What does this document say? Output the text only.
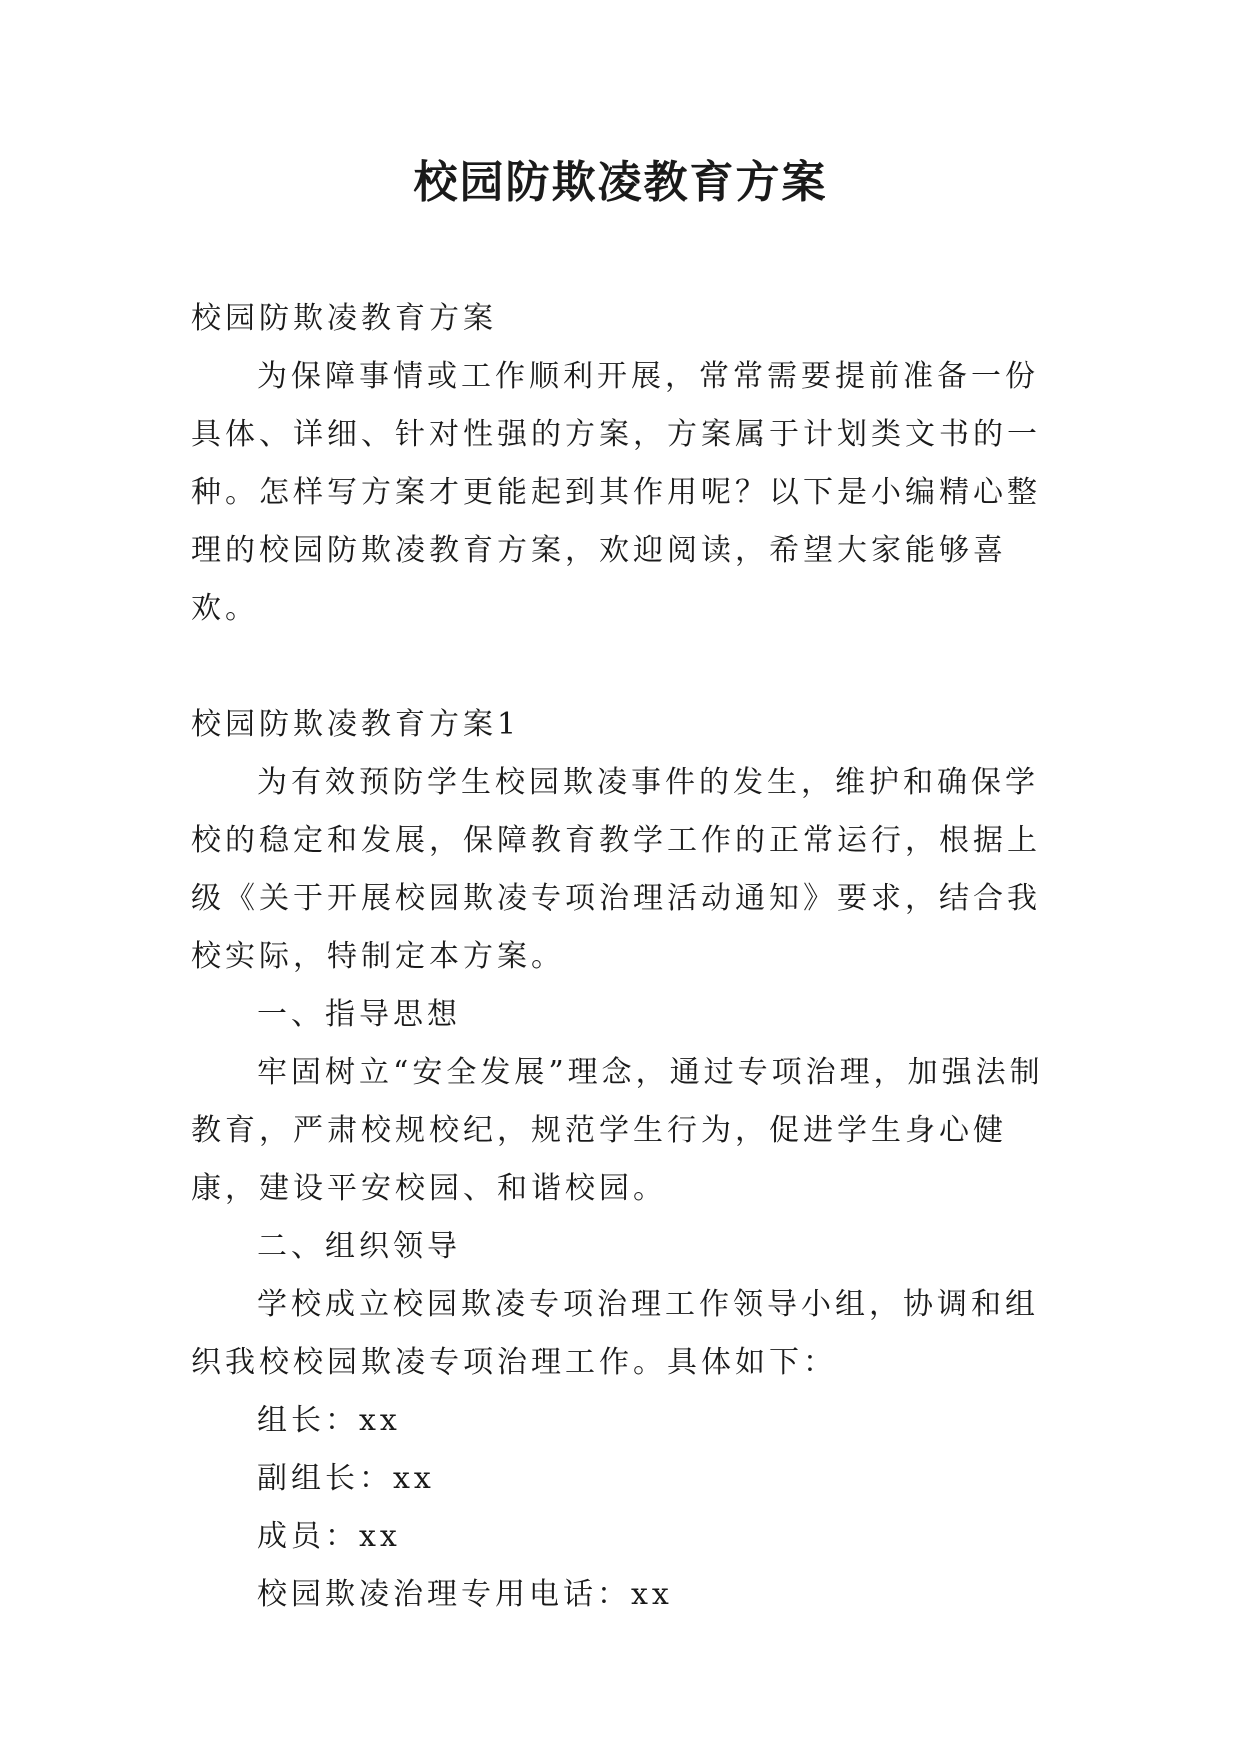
校园防欺凌教育方案

校园防欺凌教育方案

为保障事情或工作顺利开展，常常需要提前准备一份具体、详细、针对性强的方案，方案属于计划类文书的一种。怎样写方案才更能起到其作用呢？以下是小编精心整理的校园防欺凌教育方案，欢迎阅读，希望大家能够喜欢。

校园防欺凌教育方案1

为有效预防学生校园欺凌事件的发生，维护和确保学校的稳定和发展，保障教育教学工作的正常运行，根据上级《关于开展校园欺凌专项治理活动通知》要求，结合我校实际，特制定本方案。

一、指导思想

牢固树立“安全发展”理念，通过专项治理，加强法制教育，严肃校规校纪，规范学生行为，促进学生身心健康，建设平安校园、和谐校园。

二、组织领导

学校成立校园欺凌专项治理工作领导小组，协调和组织我校校园欺凌专项治理工作。具体如下：

组长：xx

副组长：xx

成员：xx

校园欺凌治理专用电话：xx
